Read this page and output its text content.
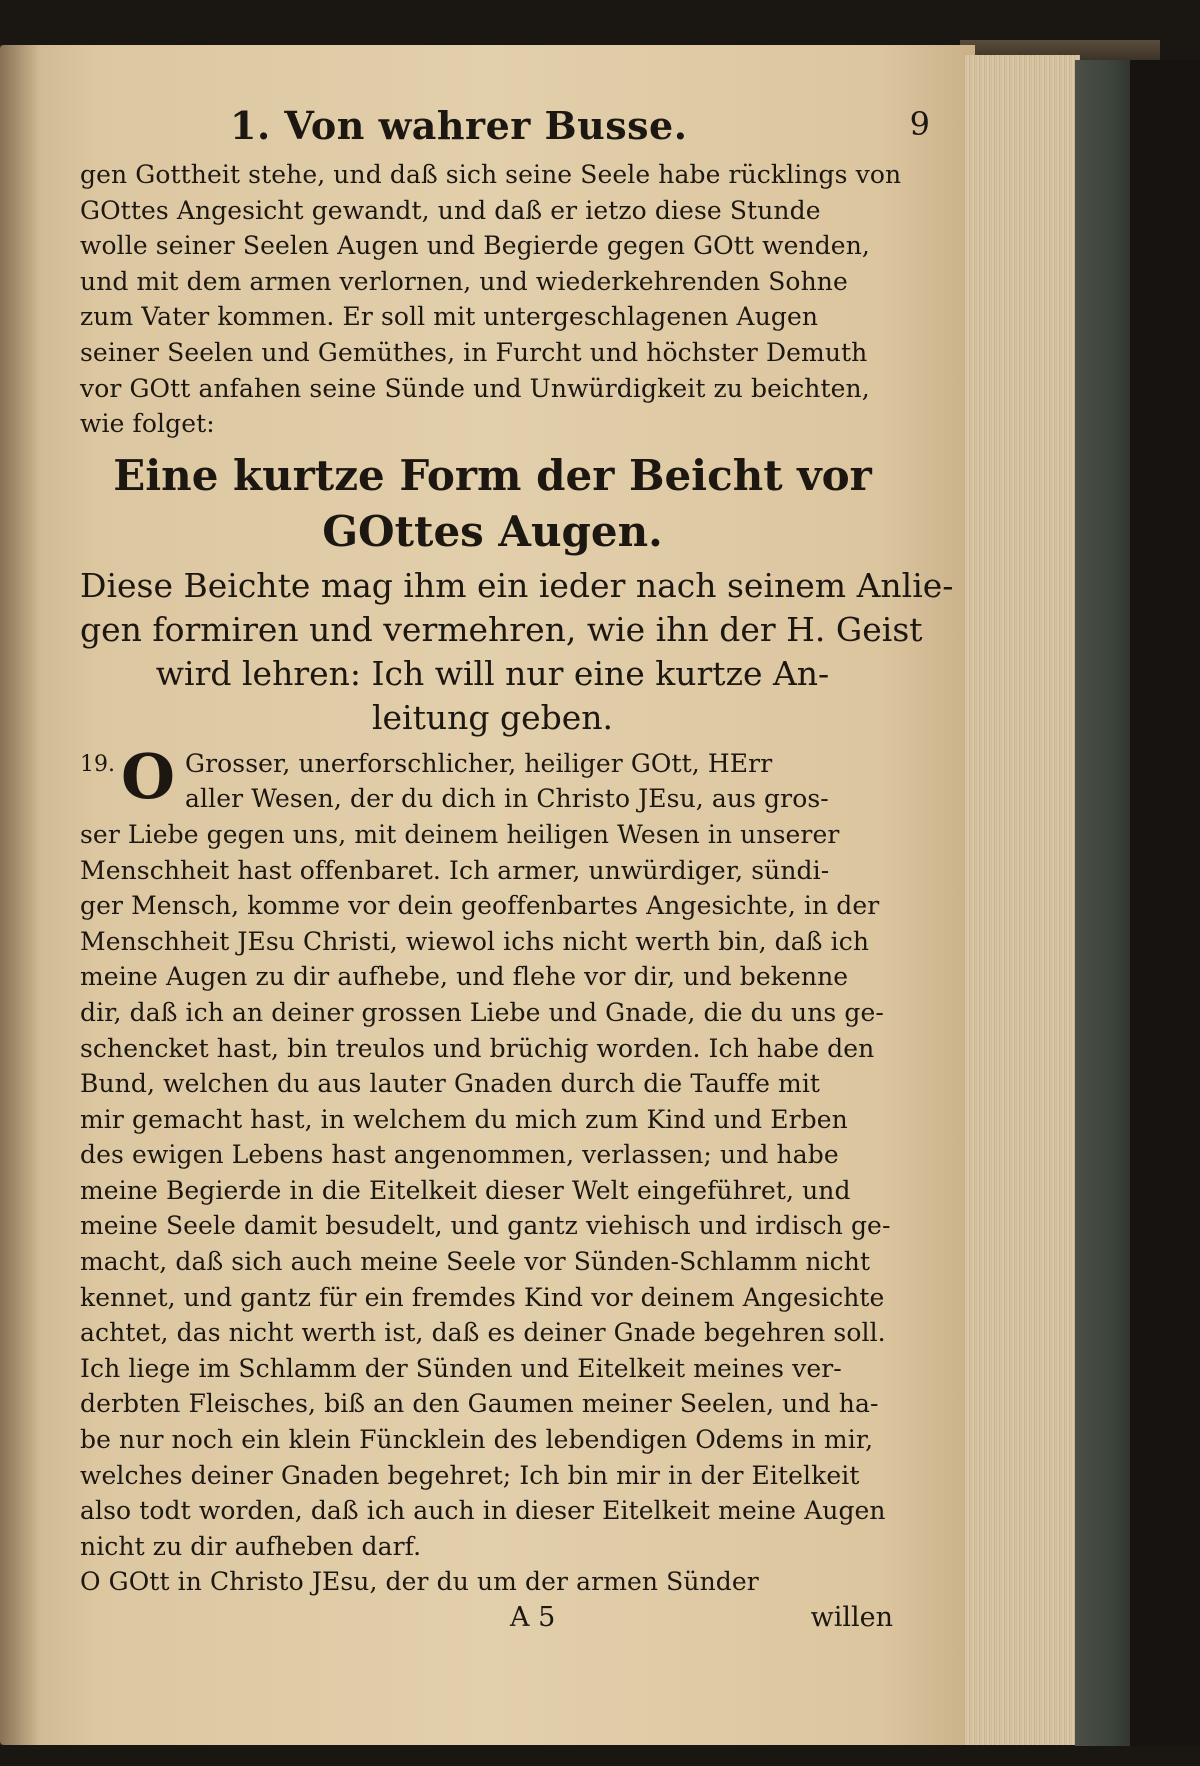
1. Von wahrer Busse.	9
gen Gottheit stehe, und daß sich seine Seele habe rücklings von
GOttes Angesicht gewandt, und daß er ietzo diese Stunde
wolle seiner Seelen Augen und Begierde gegen GOtt wenden,
und mit dem armen verlornen, und wiederkehrenden Sohne
zum Vater kommen. Er soll mit untergeschlagenen Augen
seiner Seelen und Gemüthes, in Furcht und höchster Demuth
vor GOtt anfahen seine Sünde und Unwürdigkeit zu beichten,
wie folget:
Eine kurtze Form der Beicht vor
GOttes Augen.
Diese Beichte mag ihm ein ieder nach seinem Anlie-
gen formiren und vermehren, wie ihn der H. Geist
wird lehren: Ich will nur eine kurtze An-
leitung geben.
19. O Grosser, unerforschlicher, heiliger GOtt, HErr
aller Wesen, der du dich in Christo JEsu, aus gros-
ser Liebe gegen uns, mit deinem heiligen Wesen in unserer
Menschheit hast offenbaret. Ich armer, unwürdiger, sündi-
ger Mensch, komme vor dein geoffenbartes Angesichte, in der
Menschheit JEsu Christi, wiewol ichs nicht werth bin, daß ich
meine Augen zu dir aufhebe, und flehe vor dir, und bekenne
dir, daß ich an deiner grossen Liebe und Gnade, die du uns ge-
schencket hast, bin treulos und brüchig worden. Ich habe den
Bund, welchen du aus lauter Gnaden durch die Tauffe mit
mir gemacht hast, in welchem du mich zum Kind und Erben
des ewigen Lebens hast angenommen, verlassen; und habe
meine Begierde in die Eitelkeit dieser Welt eingeführet, und
meine Seele damit besudelt, und gantz viehisch und irdisch ge-
macht, daß sich auch meine Seele vor Sünden-Schlamm nicht
kennet, und gantz für ein fremdes Kind vor deinem Angesichte
achtet, das nicht werth ist, daß es deiner Gnade begehren soll.
Ich liege im Schlamm der Sünden und Eitelkeit meines ver-
derbten Fleisches, biß an den Gaumen meiner Seelen, und ha-
be nur noch ein klein Füncklein des lebendigen Odems in mir,
welches deiner Gnaden begehret; Ich bin mir in der Eitelkeit
also todt worden, daß ich auch in dieser Eitelkeit meine Augen
nicht zu dir aufheben darf.
O GOtt in Christo JEsu, der du um der armen Sünder
A 5	willen
